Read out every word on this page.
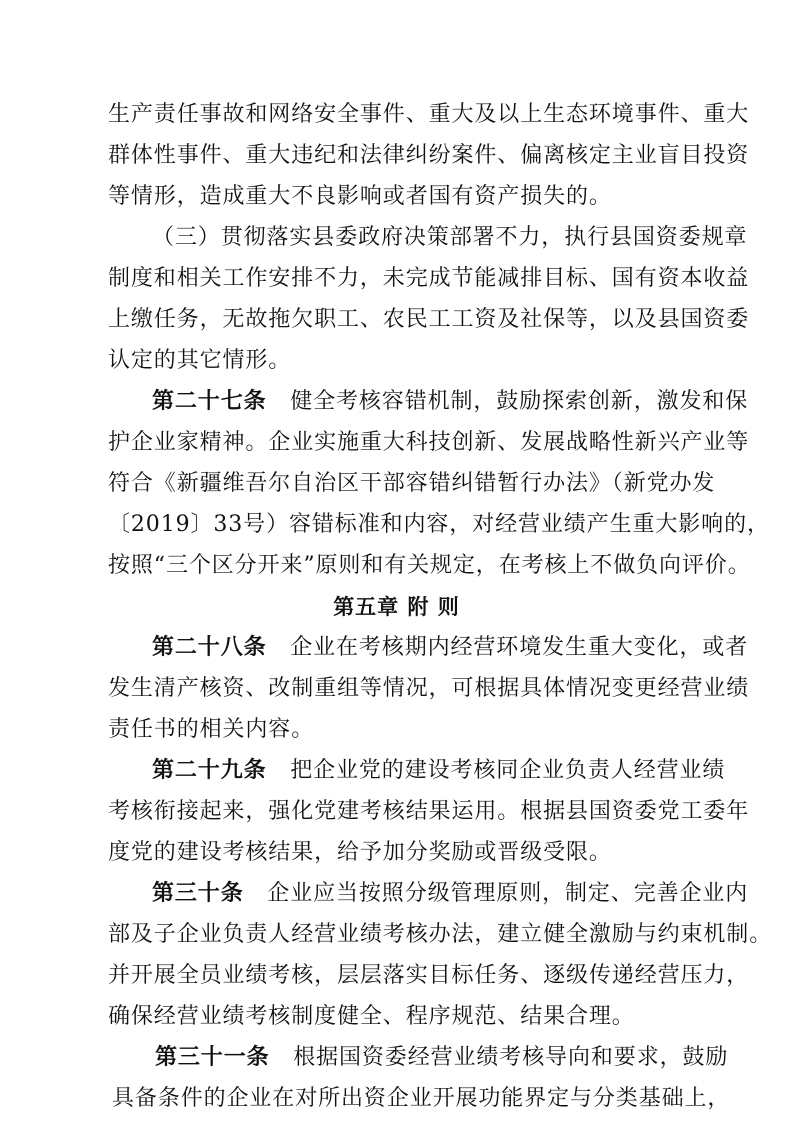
生产责任事故和网络安全事件、重大及以上生态环境事件、重大
群体性事件、重大违纪和法律纠纷案件、偏离核定主业盲目投资
等情形，造成重大不良影响或者国有资产损失的。
（三）贯彻落实县委政府决策部署不力，执行县国资委规章
制度和相关工作安排不力，未完成节能减排目标、国有资本收益
上缴任务，无故拖欠职工、农民工工资及社保等，以及县国资委
认定的其它情形。
第二十七条 健全考核容错机制，鼓励探索创新，激发和保
护企业家精神。企业实施重大科技创新、发展战略性新兴产业等
符合《新疆维吾尔自治区干部容错纠错暂行办法》（新党办发
〔2019〕33号）容错标准和内容，对经营业绩产生重大影响的，
按照“三个区分开来”原则和有关规定，在考核上不做负向评价。
第五章 附 则
第二十八条 企业在考核期内经营环境发生重大变化，或者
发生清产核资、改制重组等情况，可根据具体情况变更经营业绩
责任书的相关内容。
第二十九条 把企业党的建设考核同企业负责人经营业绩
考核衔接起来，强化党建考核结果运用。根据县国资委党工委年
度党的建设考核结果，给予加分奖励或晋级受限。
第三十条 企业应当按照分级管理原则，制定、完善企业内
部及子企业负责人经营业绩考核办法，建立健全激励与约束机制。
并开展全员业绩考核，层层落实目标任务、逐级传递经营压力，
确保经营业绩考核制度健全、程序规范、结果合理。
第三十一条 根据国资委经营业绩考核导向和要求，鼓励
具备条件的企业在对所出资企业开展功能界定与分类基础上，
